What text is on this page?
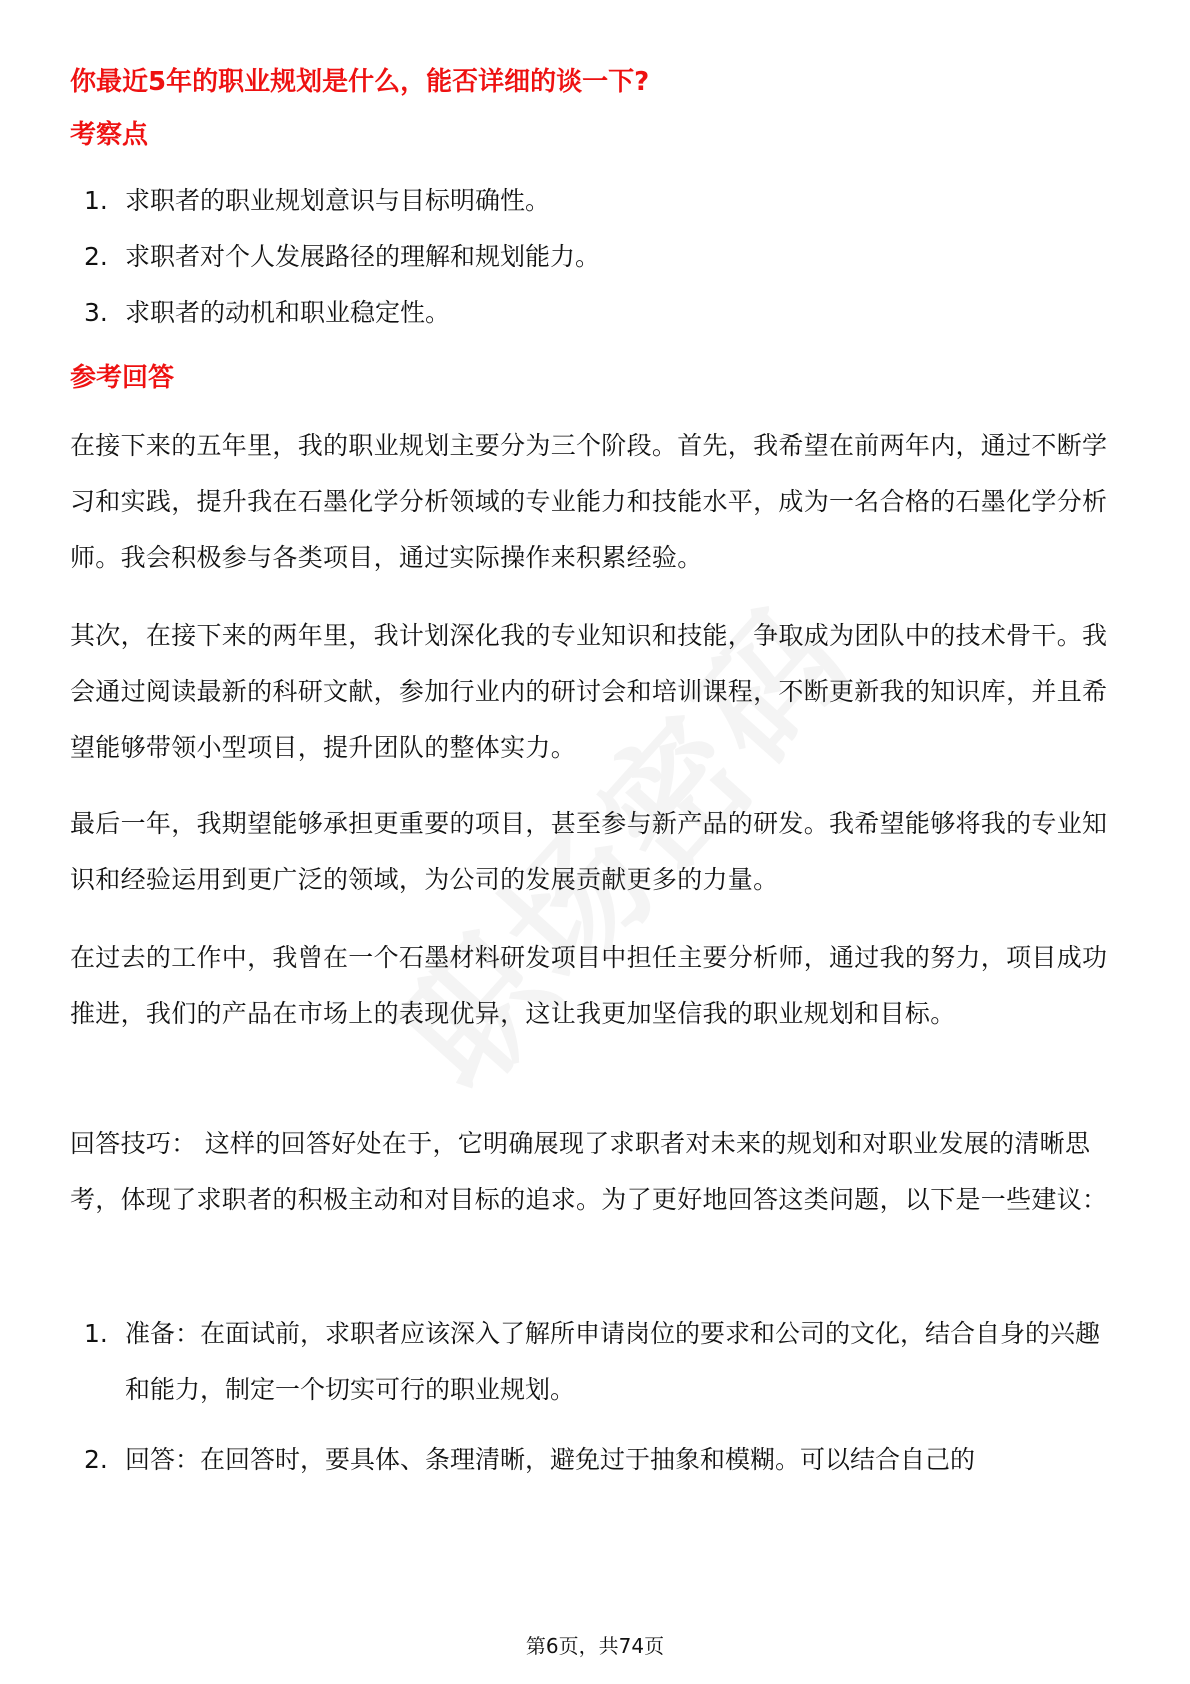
你最近5年的职业规划是什么，能否详细的谈一下?
考察点
1. 求职者的职业规划意识与目标明确性。
2. 求职者对个人发展路径的理解和规划能力。
3. 求职者的动机和职业稳定性。
参考回答

在接下来的五年里，我的职业规划主要分为三个阶段。首先，我希望在前两年内，通过不断学习和实践，提升我在石墨化学分析领域的专业能力和技能水平，成为一名合格的石墨化学分析师。我会积极参与各类项目，通过实际操作来积累经验。

其次，在接下来的两年里，我计划深化我的专业知识和技能，争取成为团队中的技术骨干。我会通过阅读最新的科研文献，参加行业内的研讨会和培训课程，不断更新我的知识库，并且希望能够带领小型项目，提升团队的整体实力。

最后一年，我期望能够承担更重要的项目，甚至参与新产品的研发。我希望能够将我的专业知识和经验运用到更广泛的领域，为公司的发展贡献更多的力量。

在过去的工作中，我曾在一个石墨材料研发项目中担任主要分析师，通过我的努力，项目成功推进，我们的产品在市场上的表现优异，这让我更加坚信我的职业规划和目标。

回答技巧： 这样的回答好处在于，它明确展现了求职者对未来的规划和对职业发展的清晰思考，体现了求职者的积极主动和对目标的追求。为了更好地回答这类问题，以下是一些建议：

1. 准备：在面试前，求职者应该深入了解所申请岗位的要求和公司的文化，结合自身的兴趣和能力，制定一个切实可行的职业规划。
2. 回答：在回答时，要具体、条理清晰，避免过于抽象和模糊。可以结合自己的
第6页，共74页
